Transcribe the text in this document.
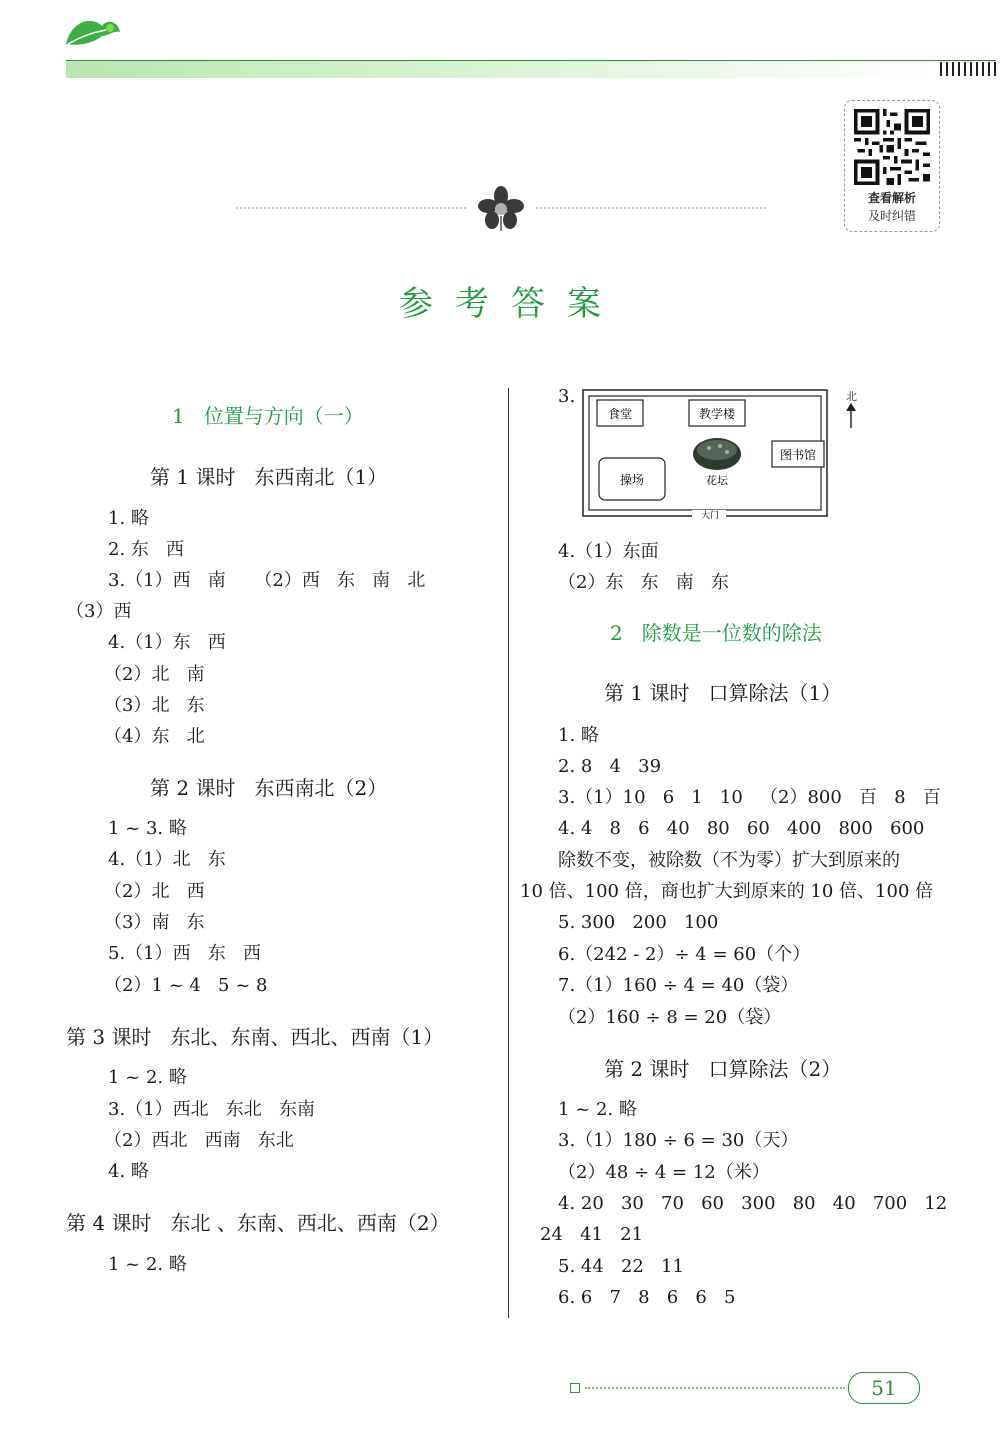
查看解析
及时纠错
参考答案
1   位置与方向（一）
第 1 课时   东西南北（1）
1. 略
2. 东   西
3.（1）西   南     （2）西   东   南   北
（3）西
4.（1）东   西
（2）北   南
（3）北   东
（4）东   北
第 2 课时   东西南北（2）
1 ~ 3. 略
4.（1）北   东
（2）北   西
（3）南   东
5.（1）西   东   西
（2）1 ~ 4   5 ~ 8
第 3 课时   东北、东南、西北、西南（1）
1 ~ 2. 略
3.（1）西北   东北   东南
（2）西北   西南   东北
4. 略
第 4 课时   东北 、东南、西北、西南（2）
1 ~ 2. 略
3.
食堂	教学楼
图书馆
操场	花坛
大门
北
4.（1）东面
（2）东   东   南   东
2   除数是一位数的除法
第 1 课时   口算除法（1）
1. 略
2. 8   4   39
3.（1）10   6   1   10   （2）800   百   8   百
4. 4   8   6   40   80   60   400   800   600
除数不变，被除数（不为零）扩大到原来的
10 倍、100 倍，商也扩大到原来的 10 倍、100 倍
5. 300   200   100
6.（242 - 2）÷ 4 = 60（个）
7.（1）160 ÷ 4 = 40（袋）
（2）160 ÷ 8 = 20（袋）
第 2 课时   口算除法（2）
1 ~ 2. 略
3.（1）180 ÷ 6 = 30（天）
（2）48 ÷ 4 = 12（米）
4. 20   30   70   60   300   80   40   700   12
24   41   21
5. 44   22   11
6. 6   7   8   6   6   5
51
